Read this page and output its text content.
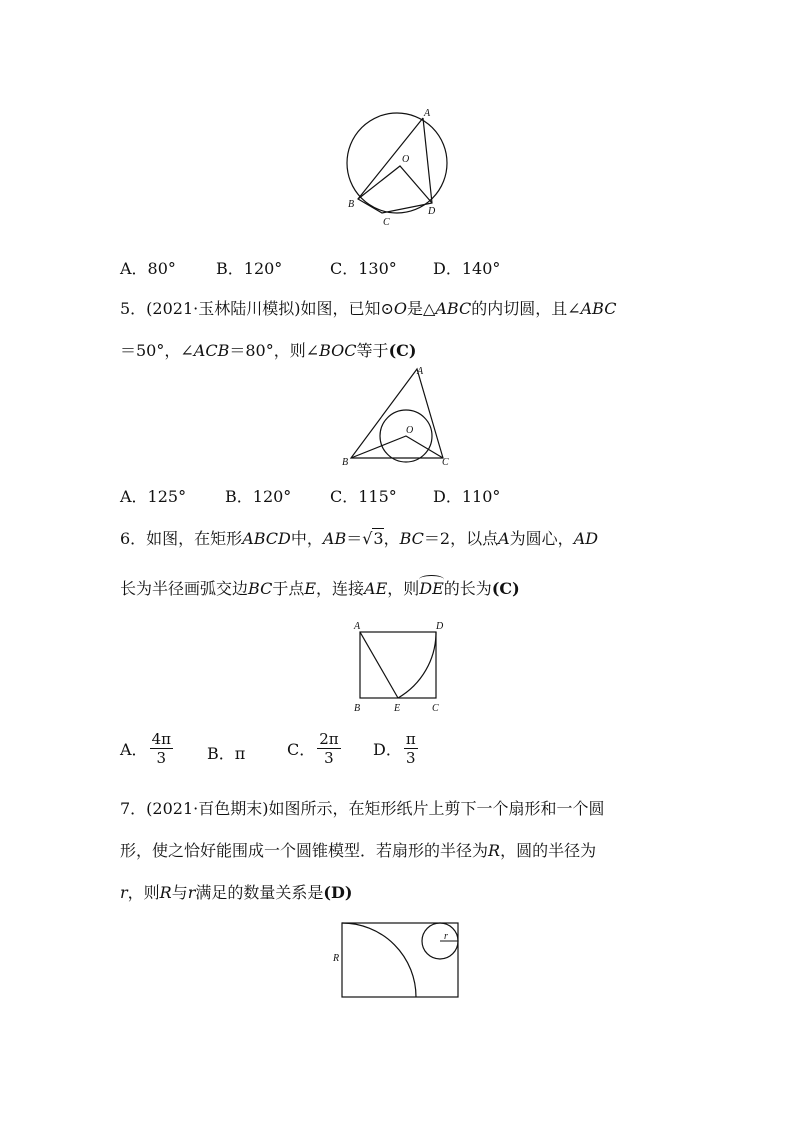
A
O
B
C
D
A．80°	B．120°	C．130° D．140°
5．(2021·玉林陆川模拟)如图，已知⊙O是△ABC的内切圆，且∠ABC
＝50°，∠ACB＝80°，则∠BOC等于(C)
A
O
B	C
A．125° B．120° C．115° D．110°
6．如图，在矩形ABCD中，AB＝√3，BC＝2，以点A为圆心，AD
长为半径画弧交边BC于点E，连接AE，则
DE的长为(C)
A	D
B	E	C
A． $\frac{4\pi}{3}$ B．π	C． $\frac{2\pi}{3}$ D． $\frac{\pi}{3}$
7．(2021·百色期末)如图所示，在矩形纸片上剪下一个扇形和一个圆
形，使之恰好能围成一个圆锥模型．若扇形的半径为R，圆的半径为
r，则R与r满足的数量关系是(D)
r
R
